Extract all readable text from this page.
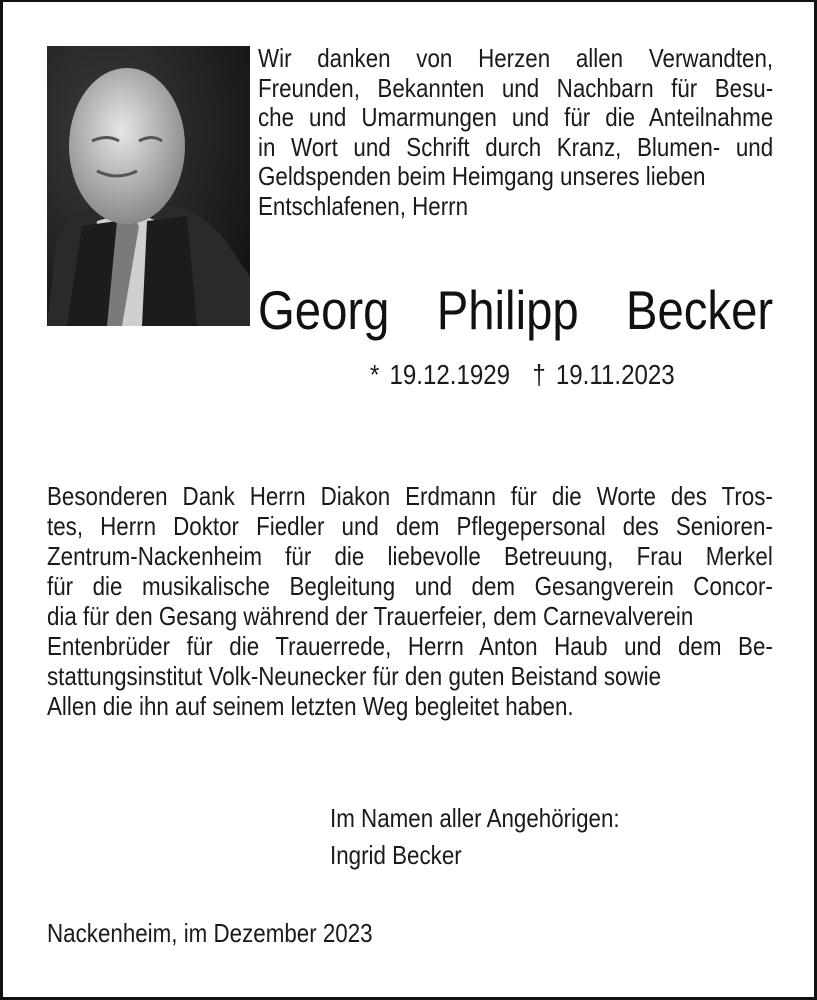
Wir danken von Herzen allen Verwandten,
Freunden, Bekannten und Nachbarn für Besu-
che und Umarmungen und für die Anteilnahme
in Wort und Schrift durch Kranz, Blumen- und
Geldspenden beim Heimgang unseres lieben
Entschlafenen, Herrn
Georg Philipp Becker
* 19.12.1929 † 19.11.2023
Besonderen Dank Herrn Diakon Erdmann für die Worte des Tros-
tes, Herrn Doktor Fiedler und dem Pflegepersonal des Senioren-
Zentrum-Nackenheim für die liebevolle Betreuung, Frau Merkel
für die musikalische Begleitung und dem Gesangverein Concor-
dia für den Gesang während der Trauerfeier, dem Carnevalverein
Entenbrüder für die Trauerrede, Herrn Anton Haub und dem Be-
stattungsinstitut Volk-Neunecker für den guten Beistand sowie
Allen die ihn auf seinem letzten Weg begleitet haben.
Im Namen aller Angehörigen:
Ingrid Becker
Nackenheim, im Dezember 2023
